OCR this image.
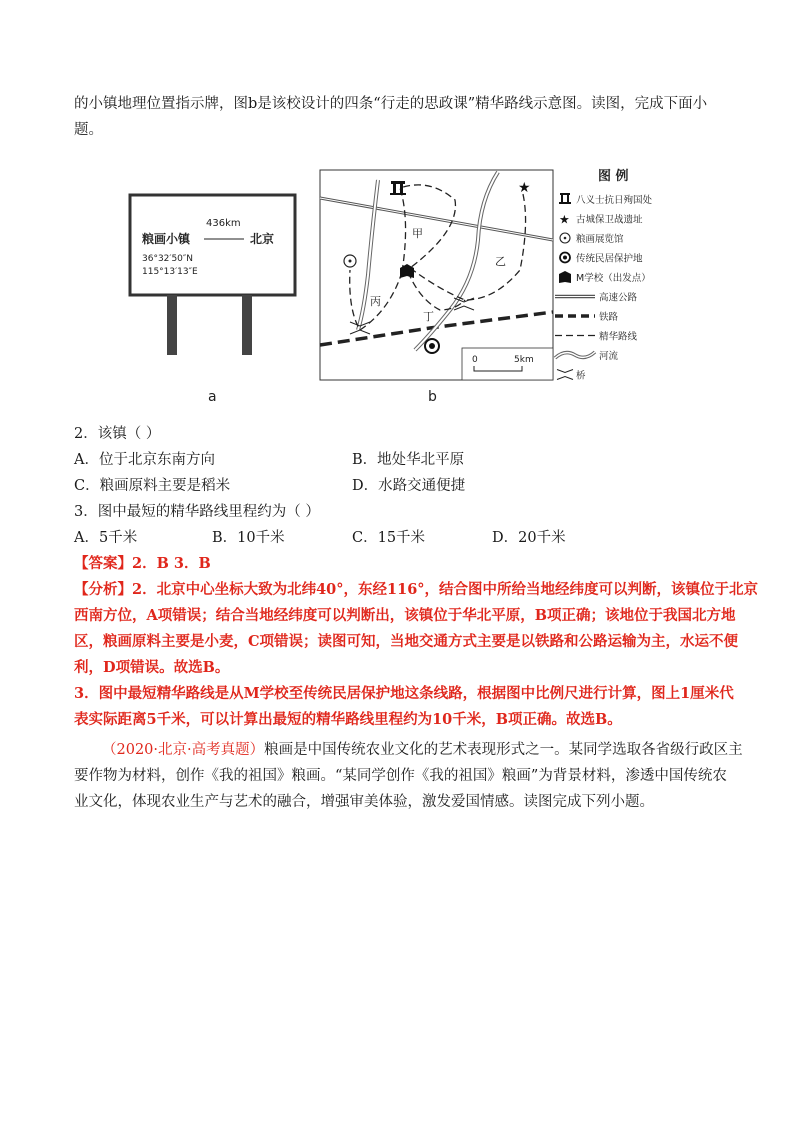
的小镇地理位置指示牌，图b是该校设计的四条“行走的思政课”精华路线示意图。读图，完成下面小
题。
436km
粮画小镇	北京
36°32′50″N
115°13′13″E
a
★
甲
乙
丙
丁
0	5km
b
图 例
八义士抗日殉国处
★ 古城保卫战遗址
粮画展览馆
传统民居保护地
M学校（出发点）
高速公路
铁路
精华路线
河流
桥
2．该镇（ ）
A．位于北京东南方向	B．地处华北平原
C．粮画原料主要是稻米	D．水路交通便捷
3．图中最短的精华路线里程约为（ ）
A．5千米	B．10千米	C．15千米	D．20千米
【答案】2．B 3．B
【分析】2．北京中心坐标大致为北纬40°，东经116°，结合图中所给当地经纬度可以判断，该镇位于北京
西南方位，A项错误；结合当地经纬度可以判断出，该镇位于华北平原，B项正确；该地位于我国北方地
区，粮画原料主要是小麦，C项错误；读图可知，当地交通方式主要是以铁路和公路运输为主，水运不便
利，D项错误。故选B。
3．图中最短精华路线是从M学校至传统民居保护地这条线路，根据图中比例尺进行计算，图上1厘米代
表实际距离5千米，可以计算出最短的精华路线里程约为10千米，B项正确。故选B。
（2020·北京·高考真题）粮画是中国传统农业文化的艺术表现形式之一。某同学选取各省级行政区主
要作物为材料，创作《我的祖国》粮画。“某同学创作《我的祖国》粮画”为背景材料，渗透中国传统农
业文化，体现农业生产与艺术的融合，增强审美体验，激发爱国情感。读图完成下列小题。
